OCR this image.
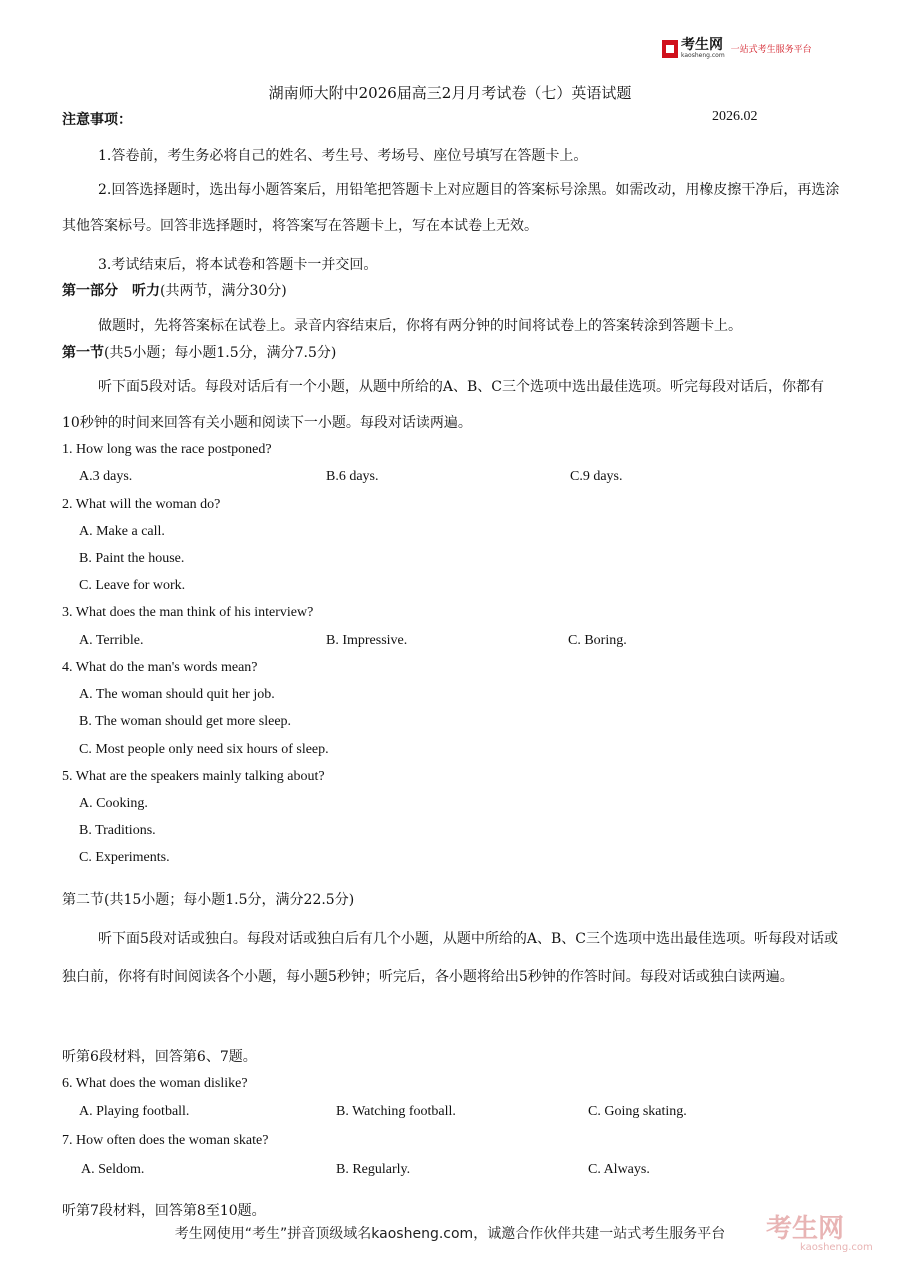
考生网
kaosheng.com
一站式考生服务平台
湖南师大附中2026届高三2月月考试卷（七）英语试题
注意事项：	2026.02
1.答卷前，考生务必将自己的姓名、考生号、考场号、座位号填写在答题卡上。
2.回答选择题时，选出每小题答案后，用铅笔把答题卡上对应题目的答案标号涂黑。如需改动，用橡皮擦干净后，再选涂其他答案标号。回答非选择题时，将答案写在答题卡上，写在本试卷上无效。
3.考试结束后，将本试卷和答题卡一并交回。
第一部分　听力(共两节，满分30分)
做题时，先将答案标在试卷上。录音内容结束后，你将有两分钟的时间将试卷上的答案转涂到答题卡上。
第一节(共5小题；每小题1.5分，满分7.5分)
听下面5段对话。每段对话后有一个小题，从题中所给的A、B、C三个选项中选出最佳选项。听完每段对话后，你都有 10秒钟的时间来回答有关小题和阅读下一小题。每段对话读两遍。
1. How long was the race postponed?
A.3 days.	B.6 days.	C.9 days.
2. What will the woman do?
A. Make a call.
B. Paint the house.
C. Leave for work.
3. What does the man think of his interview?
A. Terrible.	B. Impressive.	C. Boring.
4. What do the man's words mean?
A. The woman should quit her job.
B. The woman should get more sleep.
C. Most people only need six hours of sleep.
5. What are the speakers mainly talking about?
A. Cooking.
B. Traditions.
C. Experiments.
第二节(共15小题；每小题1.5分，满分22.5分)
听下面5段对话或独白。每段对话或独白后有几个小题，从题中所给的A、B、C三个选项中选出最佳选项。听每段对话或独白前，你将有时间阅读各个小题，每小题5秒钟；听完后，各小题将给出5秒钟的作答时间。每段对话或独白读两遍。
听第6段材料，回答第6、7题。
6. What does the woman dislike?
A. Playing football.	B. Watching football.	C. Going skating.
7. How often does the woman skate?
A. Seldom.	B. Regularly.	C. Always.
听第7段材料，回答第8至10题。
考生网
kaosheng.com
考生网使用“考生”拼音顶级域名kaosheng.com，诚邀合作伙伴共建一站式考生服务平台
